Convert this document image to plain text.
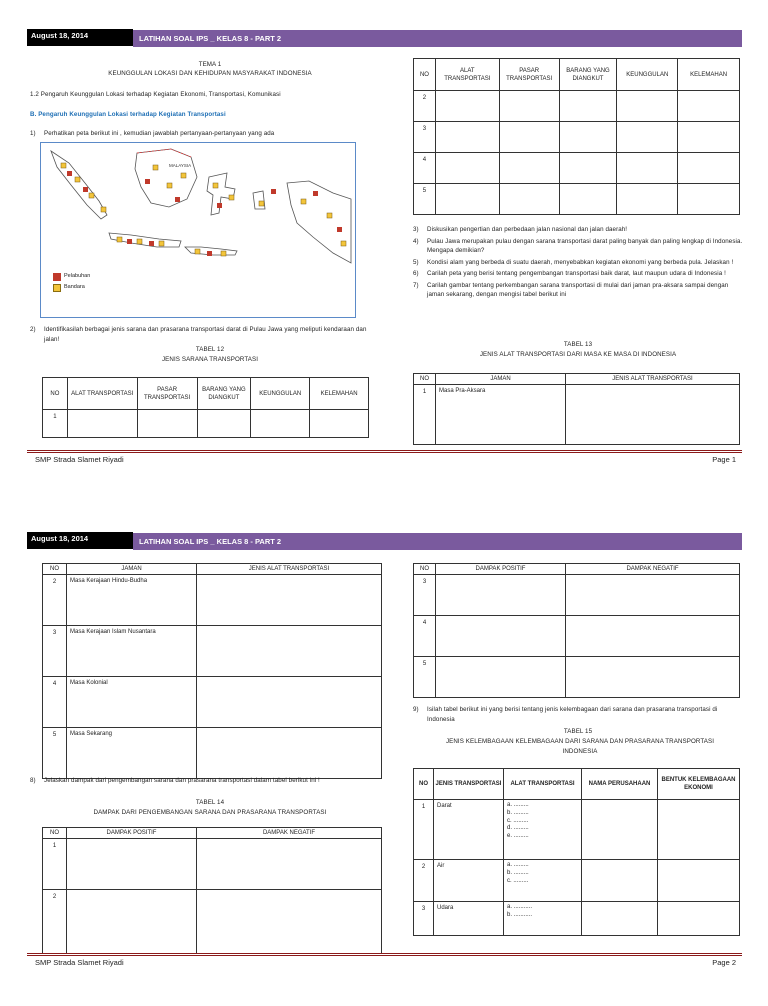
August 18, 2014	LATIHAN SOAL IPS _ KELAS 8 - PART 2
TEMA 1
KEUNGGULAN LOKASI DAN KEHIDUPAN MASYARAKAT INDONESIA
1.2 Pengaruh Keunggulan Lokasi terhadap Kegiatan Ekonomi, Transportasi, Komunikasi
B. Pengaruh Keunggulan Lokasi terhadap Kegiatan Transportasi
1)	Perhatikan peta berikut ini , kemudian jawablah pertanyaan-pertanyaan yang ada
MALAYSIA
Pelabuhan
Bandara
2)	Identifikasilah berbagai jenis sarana dan prasarana transportasi darat di Pulau Jawa yang meliputi kendaraan dan jalan!
TABEL 12
JENIS SARANA TRANSPORTASI
NO	ALAT TRANSPORTASI	PASAR TRANSPORTASI	BARANG YANG DIANGKUT	KEUNGGULAN	KELEMAHAN
1					
NO	ALAT TRANSPORTASI	PASAR TRANSPORTASI	BARANG YANG DIANGKUT	KEUNGGULAN	KELEMAHAN
2					
3					
4					
5					
3)	Diskusikan pengertian dan perbedaan jalan nasional dan jalan daerah!
4)	Pulau Jawa merupakan pulau dengan sarana transportasi darat paling banyak dan paling lengkap di Indonesia. Mengapa demikian?
5)	Kondisi alam yang berbeda di suatu daerah, menyebabkan kegiatan ekonomi yang berbeda pula. Jelaskan !
6)	Carilah peta yang berisi tentang pengembangan transportasi baik darat, laut maupun udara di Indonesia !
7)	Carilah gambar tentang perkembangan sarana transportasi di mulai dari jaman pra-aksara sampai dengan jaman sekarang, dengan mengisi tabel berikut ini
TABEL 13
JENIS ALAT TRANSPORTASI DARI MASA KE MASA DI INDONESIA
NO	JAMAN	JENIS ALAT TRANSPORTASI
1	Masa Pra-Aksara	
SMP Strada Slamet Riyadi	Page 1
August 18, 2014	LATIHAN SOAL IPS _ KELAS 8 - PART 2
NO	JAMAN	JENIS ALAT TRANSPORTASI
2	Masa Kerajaan Hindu-Budha	
3	Masa Kerajaan Islam Nusantara	
4	Masa Kolonial	
5	Masa Sekarang	
8)	Jelaskan dampak dari pengembangan sarana dan prasarana transportasi dalam tabel berikut ini !
TABEL 14
DAMPAK DARI PENGEMBANGAN SARANA DAN PRASARANA TRANSPORTASI
NO	DAMPAK POSITIF	DAMPAK NEGATIF
1		
2		
NO	DAMPAK POSITIF	DAMPAK NEGATIF
3		
4		
5		
9)	Isilah tabel berikut ini yang berisi tentang jenis kelembagaan dari sarana dan prasarana transportasi di Indonesia
TABEL 15
JENIS KELEMBAGAAN KELEMBAGAAN DARI SARANA DAN PRASARANA TRANSPORTASI INDONESIA
NO	JENIS TRANSPORTASI	ALAT TRANSPORTASI	NAMA PERUSAHAAN	BENTUK KELEMBAGAAN EKONOMI
1	Darat	a. .........
b. .........
c. .........
d. .........
e. .........		

2	Air	a. .........
b. .........
c. .........		

3	Udara	a. ...........
b. ...........		

SMP Strada Slamet Riyadi	Page 2
